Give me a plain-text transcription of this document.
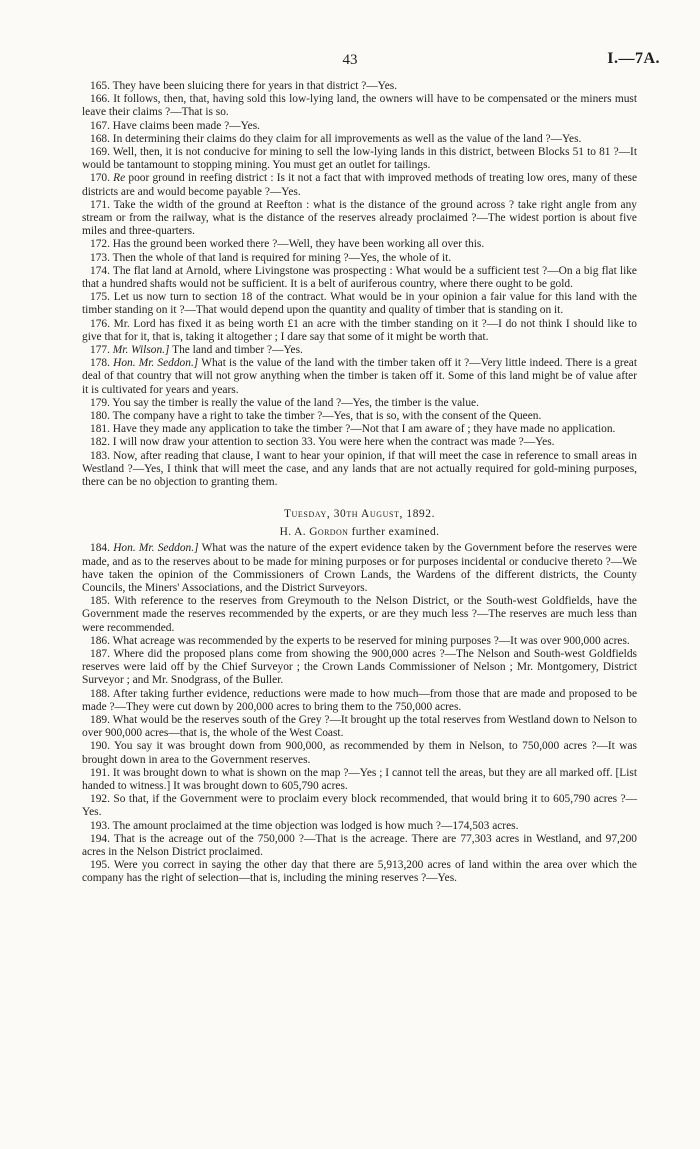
43	I.—7A.

165. They have been sluicing there for years in that district ?—Yes.

166. It follows, then, that, having sold this low-lying land, the owners will have to be compensated or the miners must leave their claims ?—That is so.

167. Have claims been made ?—Yes.

168. In determining their claims do they claim for all improvements as well as the value of the land ?—Yes.

169. Well, then, it is not conducive for mining to sell the low-lying lands in this district, between Blocks 51 to 81 ?—It would be tantamount to stopping mining. You must get an outlet for tailings.

170. Re poor ground in reefing district : Is it not a fact that with improved methods of treating low ores, many of these districts are and would become payable ?—Yes.

171. Take the width of the ground at Reefton : what is the distance of the ground across ? take right angle from any stream or from the railway, what is the distance of the reserves already proclaimed ?—The widest portion is about five miles and three-quarters.

172. Has the ground been worked there ?—Well, they have been working all over this.

173. Then the whole of that land is required for mining ?—Yes, the whole of it.

174. The flat land at Arnold, where Livingstone was prospecting : What would be a sufficient test ?—On a big flat like that a hundred shafts would not be sufficient. It is a belt of auriferous country, where there ought to be gold.

175. Let us now turn to section 18 of the contract. What would be in your opinion a fair value for this land with the timber standing on it ?—That would depend upon the quantity and quality of timber that is standing on it.

176. Mr. Lord has fixed it as being worth £1 an acre with the timber standing on it ?—I do not think I should like to give that for it, that is, taking it altogether ; I dare say that some of it might be worth that.

177. Mr. Wilson.] The land and timber ?—Yes.

178. Hon. Mr. Seddon.] What is the value of the land with the timber taken off it ?—Very little indeed. There is a great deal of that country that will not grow anything when the timber is taken off it. Some of this land might be of value after it is cultivated for years and years.

179. You say the timber is really the value of the land ?—Yes, the timber is the value.

180. The company have a right to take the timber ?—Yes, that is so, with the consent of the Queen.

181. Have they made any application to take the timber ?—Not that I am aware of ; they have made no application.

182. I will now draw your attention to section 33. You were here when the contract was made ?—Yes.

183. Now, after reading that clause, I want to hear your opinion, if that will meet the case in reference to small areas in Westland ?—Yes, I think that will meet the case, and any lands that are not actually required for gold-mining purposes, there can be no objection to granting them.

Tuesday, 30th August, 1892.
H. A. Gordon further examined.

184. Hon. Mr. Seddon.] What was the nature of the expert evidence taken by the Government before the reserves were made, and as to the reserves about to be made for mining purposes or for purposes incidental or conducive thereto ?—We have taken the opinion of the Commissioners of Crown Lands, the Wardens of the different districts, the County Councils, the Miners' Associations, and the District Surveyors.

185. With reference to the reserves from Greymouth to the Nelson District, or the South-west Goldfields, have the Government made the reserves recommended by the experts, or are they much less ?—The reserves are much less than were recommended.

186. What acreage was recommended by the experts to be reserved for mining purposes ?—It was over 900,000 acres.

187. Where did the proposed plans come from showing the 900,000 acres ?—The Nelson and South-west Goldfields reserves were laid off by the Chief Surveyor ; the Crown Lands Commissioner of Nelson ; Mr. Montgomery, District Surveyor ; and Mr. Snodgrass, of the Buller.

188. After taking further evidence, reductions were made to how much—from those that are made and proposed to be made ?—They were cut down by 200,000 acres to bring them to the 750,000 acres.

189. What would be the reserves south of the Grey ?—It brought up the total reserves from Westland down to Nelson to over 900,000 acres—that is, the whole of the West Coast.

190. You say it was brought down from 900,000, as recommended by them in Nelson, to 750,000 acres ?—It was brought down in area to the Government reserves.

191. It was brought down to what is shown on the map ?—Yes ; I cannot tell the areas, but they are all marked off. [List handed to witness.] It was brought down to 605,790 acres.

192. So that, if the Government were to proclaim every block recommended, that would bring it to 605,790 acres ?—Yes.

193. The amount proclaimed at the time objection was lodged is how much ?—174,503 acres.

194. That is the acreage out of the 750,000 ?—That is the acreage. There are 77,303 acres in Westland, and 97,200 acres in the Nelson District proclaimed.

195. Were you correct in saying the other day that there are 5,913,200 acres of land within the area over which the company has the right of selection—that is, including the mining reserves ?—Yes.
